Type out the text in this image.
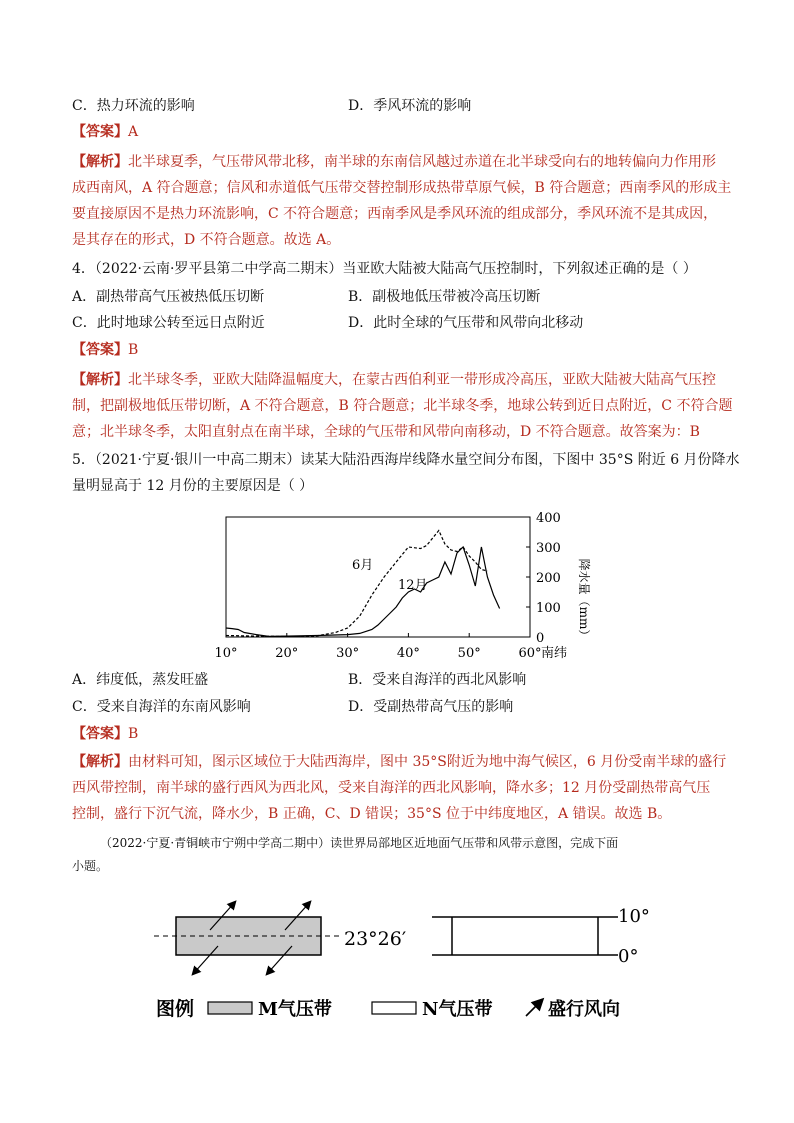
C．热力环流的影响	D．季风环流的影响
【答案】A
【解析】北半球夏季，气压带风带北移，南半球的东南信风越过赤道在北半球受向右的地转偏向力作用形
成西南风，A 符合题意；信风和赤道低气压带交替控制形成热带草原气候，B 符合题意；西南季风的形成主
要直接原因不是热力环流影响，C 不符合题意；西南季风是季风环流的组成部分，季风环流不是其成因，
是其存在的形式，D 不符合题意。故选 A。
4．（2022·云南·罗平县第二中学高二期末）当亚欧大陆被大陆高气压控制时，下列叙述正确的是（ ）
A．副热带高气压被热低压切断	B．副极地低压带被冷高压切断
C．此时地球公转至远日点附近	D．此时全球的气压带和风带向北移动
【答案】B
【解析】北半球冬季，亚欧大陆降温幅度大，在蒙古西伯利亚一带形成冷高压，亚欧大陆被大陆高气压控
制，把副极地低压带切断，A 不符合题意，B 符合题意；北半球冬季，地球公转到近日点附近，C 不符合题
意；北半球冬季，太阳直射点在南半球，全球的气压带和风带向南移动，D 不符合题意。故答案为：B
5．（2021·宁夏·银川一中高二期末）读某大陆沿西海岸线降水量空间分布图，下图中 35°S 附近 6 月份降水
量明显高于 12 月份的主要原因是（ ）
10°	20°	30°	40°	50°	60°
0
100
200
300
400
6月
12月
南纬
降水量（mm）
A．纬度低，蒸发旺盛	B．受来自海洋的西北风影响
C．受来自海洋的东南风影响	D．受副热带高气压的影响
【答案】B
【解析】由材料可知，图示区域位于大陆西海岸，图中 35°S附近为地中海气候区，6 月份受南半球的盛行
西风带控制，南半球的盛行西风为西北风，受来自海洋的西北风影响，降水多；12 月份受副热带高气压
控制，盛行下沉气流，降水少，B 正确，C、D 错误；35°S 位于中纬度地区，A 错误。故选 B。
（2022·宁夏·青铜峡市宁朔中学高二期中）读世界局部地区近地面气压带和风带示意图，完成下面
小题。
23°26′
10°
0°
图例	M气压带	N气压带	盛行风向
